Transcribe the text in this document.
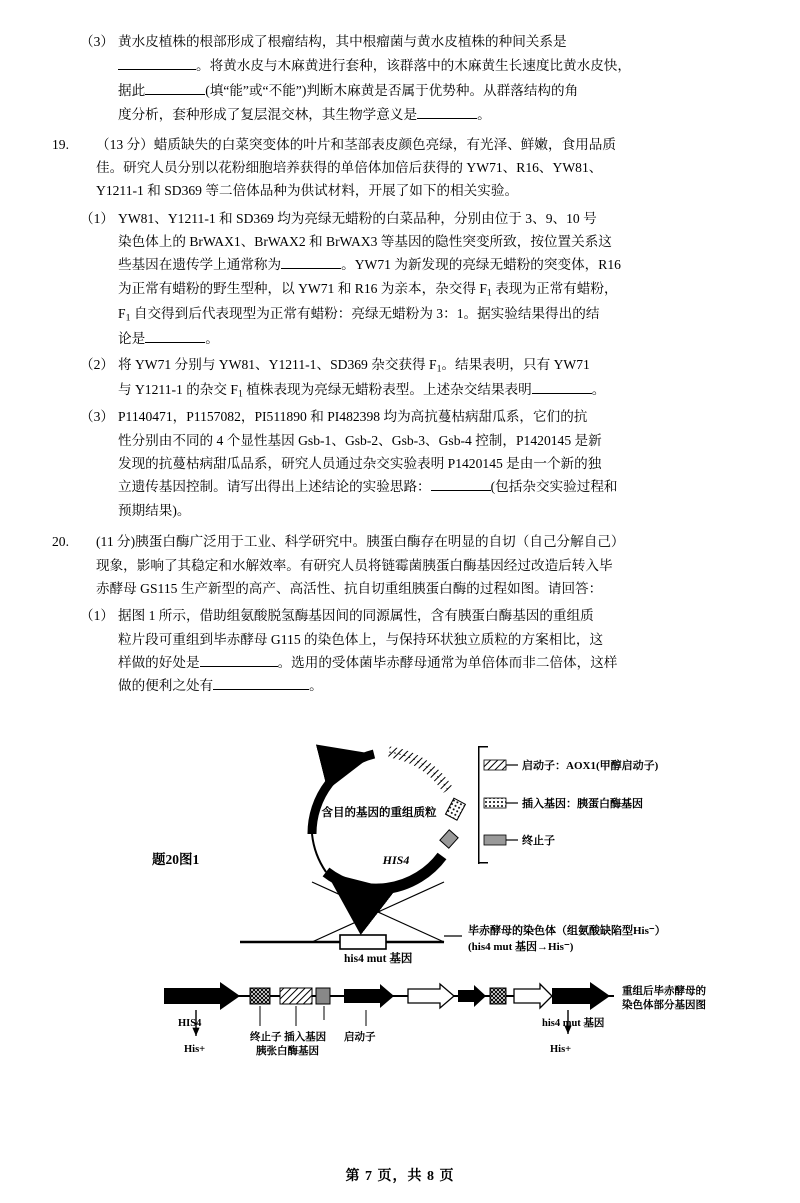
（3） 黄水皮植株的根部形成了根瘤结构，其中根瘤菌与黄水皮植株的种间关系是
。将黄水皮与木麻黄进行套种，该群落中的木麻黄生长速度比黄水皮快，
据此	(填“能”或“不能”)判断木麻黄是否属于优势种。从群落结构的角
度分析，套种形成了复层混交林，其生物学意义是	。
19. （13 分）蜡质缺失的白菜突变体的叶片和茎部表皮颜色亮绿，有光泽、鲜嫩，食用品质
佳。研究人员分别以花粉细胞培养获得的单倍体加倍后获得的 YW71、R16、YW81、
Y1211-1 和 SD369 等二倍体品种为供试材料，开展了如下的相关实验。
（1） YW81、Y1211-1 和 SD369 均为亮绿无蜡粉的白菜品种，分别由位于 3、9、10 号
染色体上的 BrWAX1、BrWAX2 和 BrWAX3 等基因的隐性突变所致，按位置关系这
些基因在遗传学上通常称为	。YW71 为新发现的亮绿无蜡粉的突变体，R16
为正常有蜡粉的野生型种，以 YW71 和 R16 为亲本，杂交得 $F_1$ 表现为正常有蜡粉，
$F_1$ 自交得到后代表现型为正常有蜡粉：亮绿无蜡粉为 3：1。据实验结果得出的结
论是	。
（2） 将 YW71 分别与 YW81、Y1211-1、SD369 杂交获得 $F_1$。结果表明，只有 YW71
与 Y1211-1 的杂交 $F_1$ 植株表现为亮绿无蜡粉表型。上述杂交结果表明	。
（3） P1140471，P1157082，PI511890 和 PI482398 均为高抗蔓枯病甜瓜系，它们的抗
性分别由不同的 4 个显性基因 Gsb-1、Gsb-2、Gsb-3、Gsb-4 控制，P1420145 是新
发现的抗蔓枯病甜瓜品系，研究人员通过杂交实验表明 P1420145 是由一个新的独
立遗传基因控制。请写出得出上述结论的实验思路：	(包括杂交实验过程和
预期结果)。
20. (11 分)胰蛋白酶广泛用于工业、科学研究中。胰蛋白酶存在明显的自切（自己分解自己）
现象，影响了其稳定和水解效率。有研究人员将链霉菌胰蛋白酶基因经过改造后转入毕
赤酵母 GS115 生产新型的高产、高活性、抗自切重组胰蛋白酶的过程如图。请回答：
（1） 据图 1 所示，借助组氨酸脱氢酶基因间的同源属性，含有胰蛋白酶基因的重组质
粒片段可重组到毕赤酵母 G115 的染色体上，与保持环状独立质粒的方案相比，这
样做的好处是	。选用的受体菌毕赤酵母通常为单倍体而非二倍体，这样
做的便利之处有	。
含目的基因的重组质粒
HIS4
启动子：AOX1(甲醇启动子)
插入基因：胰蛋白酶基因
终止子
题20图1
his4 mut 基因
毕赤酵母的染色体（组氨酸缺陷型His⁻）
(his4 mut 基因→His⁻)
HIS4
His+
终止子 插入基因
胰张白酶基因
启动子
his4 mut 基因
His+
重组后毕赤酵母的
染色体部分基因图
第 7 页，共 8 页
